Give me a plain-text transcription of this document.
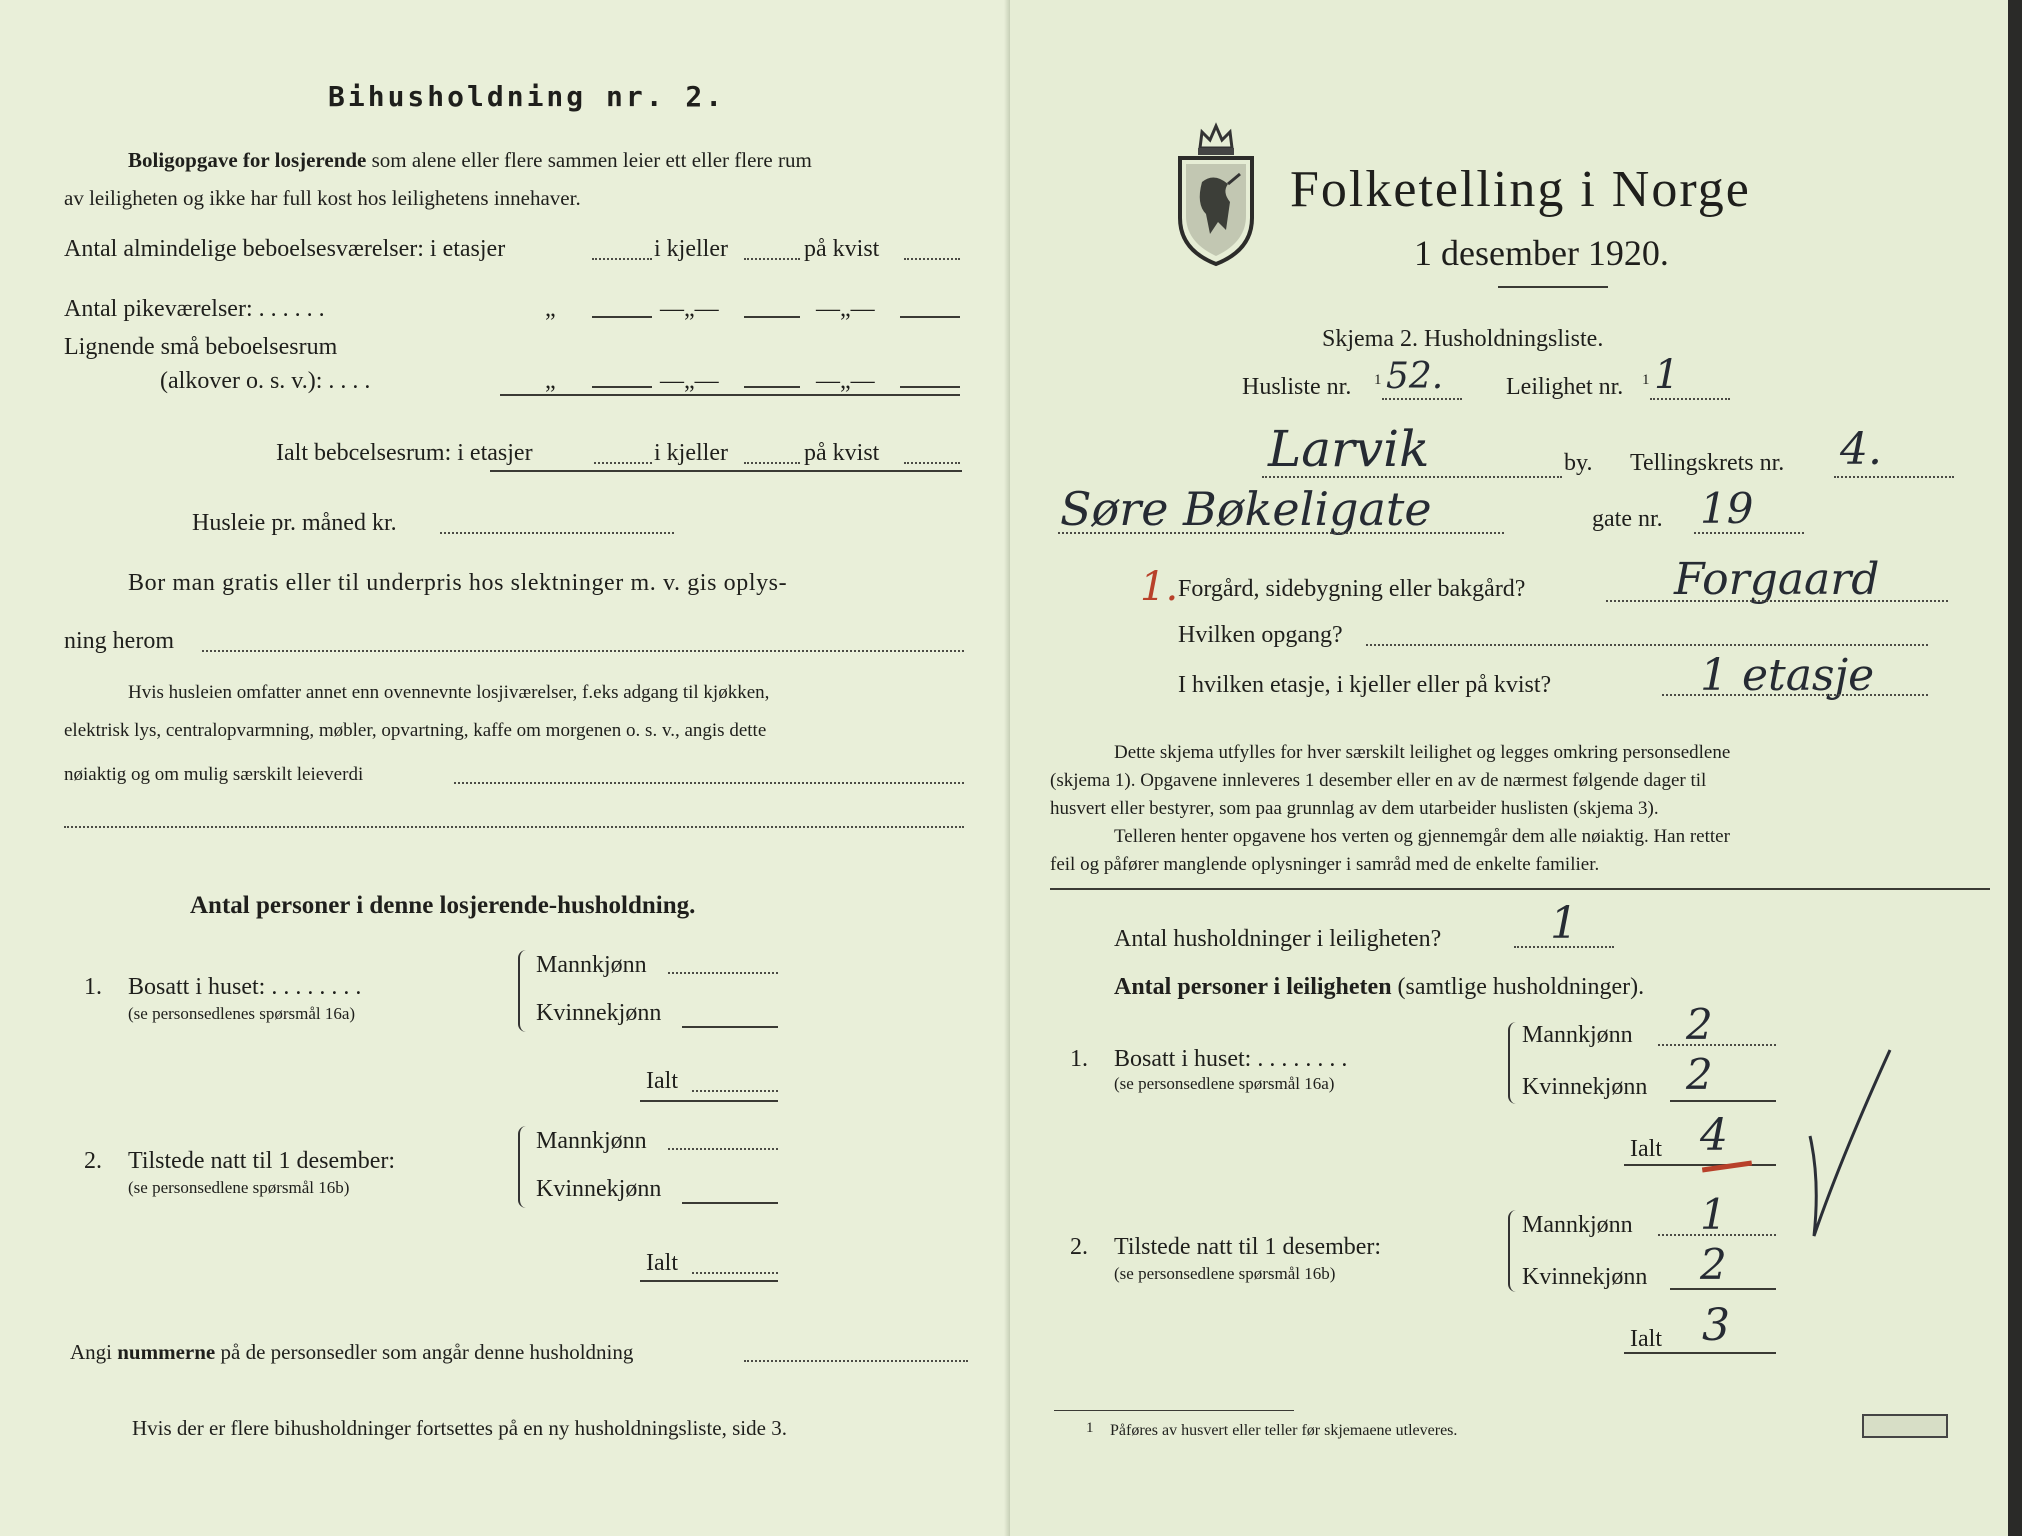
Bihusholdning nr. 2.
Boligopgave for losjerende som alene eller flere sammen leier ett eller flere rum
av leiligheten og ikke har full kost hos leilighetens innehaver.
Antal almindelige beboelsesværelser: i etasjer	i kjeller	på kvist
Antal pikeværelser: . . . . . .	„	—„—	—„—
Lignende små beboelsesrum
(alkover o. s. v.): . . . .	„	—„—	—„—
Ialt bebcelsesrum: i etasjer	i kjeller	på kvist
Husleie pr. måned kr.
Bor man gratis eller til underpris hos slektninger m. v. gis oplys-
ning herom
Hvis husleien omfatter annet enn ovennevnte losjiværelser, f.eks adgang til kjøkken,
elektrisk lys, centralopvarmning, møbler, opvartning, kaffe om morgenen o. s. v., angis dette
nøiaktig og om mulig særskilt leieverdi
Antal personer i denne losjerende-husholdning.
1. Bosatt i huset: . . . . . . . .
(se personsedlenes spørsmål 16a)
Mannkjønn
Kvinnekjønn
Ialt
2. Tilstede natt til 1 desember:
(se personsedlene spørsmål 16b)
Mannkjønn
Kvinnekjønn
Ialt
Angi nummerne på de personsedler som angår denne husholdning
Hvis der er flere bihusholdninger fortsettes på en ny husholdningsliste, side 3.
Folketelling i Norge
1 desember 1920.
Skjema 2. Husholdningsliste.
Husliste nr. 1 52.	Leilighet nr. 1 1
Larvik	by. Tellingskrets nr. 4.
Søre Bøkeligate	gate nr. 19
1. Forgård, sidebygning eller bakgård?	Forgaard
Hvilken opgang?
I hvilken etasje, i kjeller eller på kvist?	1 etasje
Dette skjema utfylles for hver særskilt leilighet og legges omkring personsedlene
(skjema 1). Opgavene innleveres 1 desember eller en av de nærmest følgende dager til
husvert eller bestyrer, som paa grunnlag av dem utarbeider huslisten (skjema 3).
Telleren henter opgavene hos verten og gjennemgår dem alle nøiaktig. Han retter
feil og påfører manglende oplysninger i samråd med de enkelte familier.
Antal husholdninger i leiligheten? 1
Antal personer i leiligheten (samtlige husholdninger).
1. Bosatt i huset: . . . . . . . .
(se personsedlene spørsmål 16a)
Mannkjønn 2
Kvinnekjønn 2
Ialt 4
2. Tilstede natt til 1 desember:
(se personsedlene spørsmål 16b)
Mannkjønn 1
Kvinnekjønn 2
Ialt 3
1 Påføres av husvert eller teller før skjemaene utleveres.
